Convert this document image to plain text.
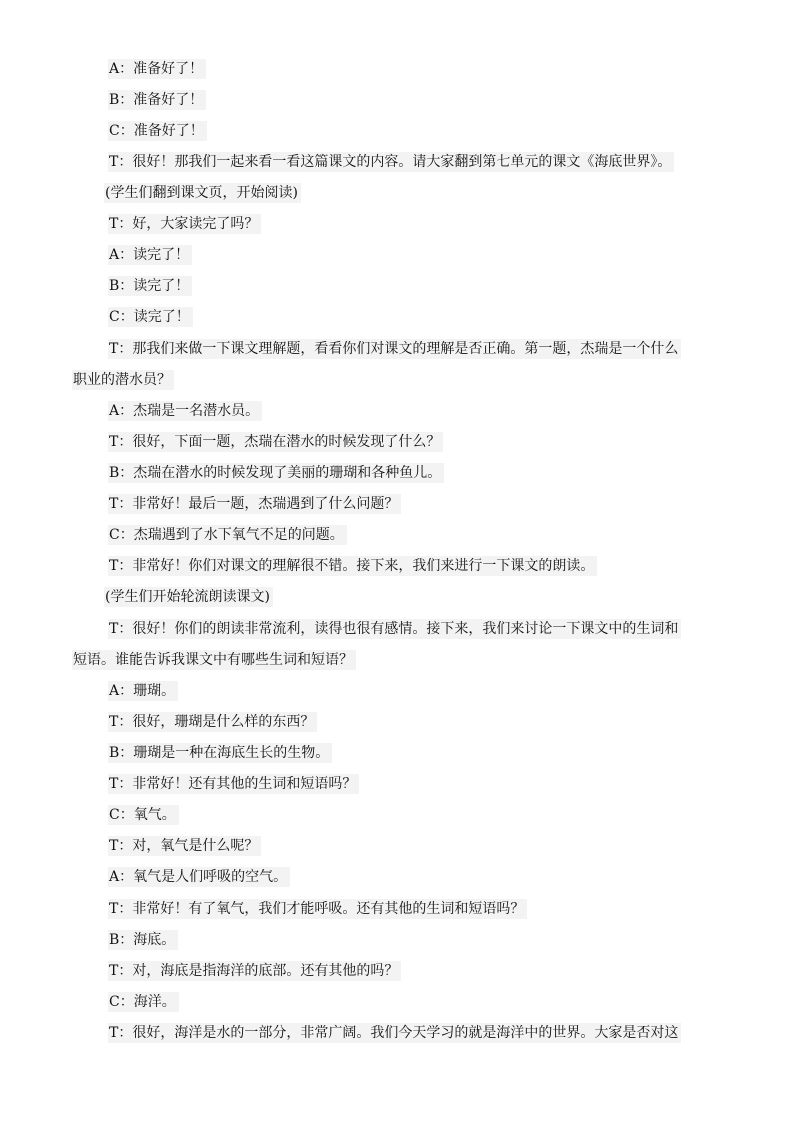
A：准备好了！
B：准备好了！
C：准备好了！
T：很好！那我们一起来看一看这篇课文的内容。请大家翻到第七单元的课文《海底世界》。
(学生们翻到课文页，开始阅读)
T：好，大家读完了吗？
A：读完了！
B：读完了！
C：读完了！
T：那我们来做一下课文理解题，看看你们对课文的理解是否正确。第一题，杰瑞是一个什么
职业的潜水员？
A：杰瑞是一名潜水员。
T：很好，下面一题，杰瑞在潜水的时候发现了什么？
B：杰瑞在潜水的时候发现了美丽的珊瑚和各种鱼儿。
T：非常好！最后一题，杰瑞遇到了什么问题？
C：杰瑞遇到了水下氧气不足的问题。
T：非常好！你们对课文的理解很不错。接下来，我们来进行一下课文的朗读。
(学生们开始轮流朗读课文)
T：很好！你们的朗读非常流利，读得也很有感情。接下来，我们来讨论一下课文中的生词和
短语。谁能告诉我课文中有哪些生词和短语？
A：珊瑚。
T：很好，珊瑚是什么样的东西？
B：珊瑚是一种在海底生长的生物。
T：非常好！还有其他的生词和短语吗？
C：氧气。
T：对，氧气是什么呢？
A：氧气是人们呼吸的空气。
T：非常好！有了氧气，我们才能呼吸。还有其他的生词和短语吗？
B：海底。
T：对，海底是指海洋的底部。还有其他的吗？
C：海洋。
T：很好，海洋是水的一部分，非常广阔。我们今天学习的就是海洋中的世界。大家是否对这
